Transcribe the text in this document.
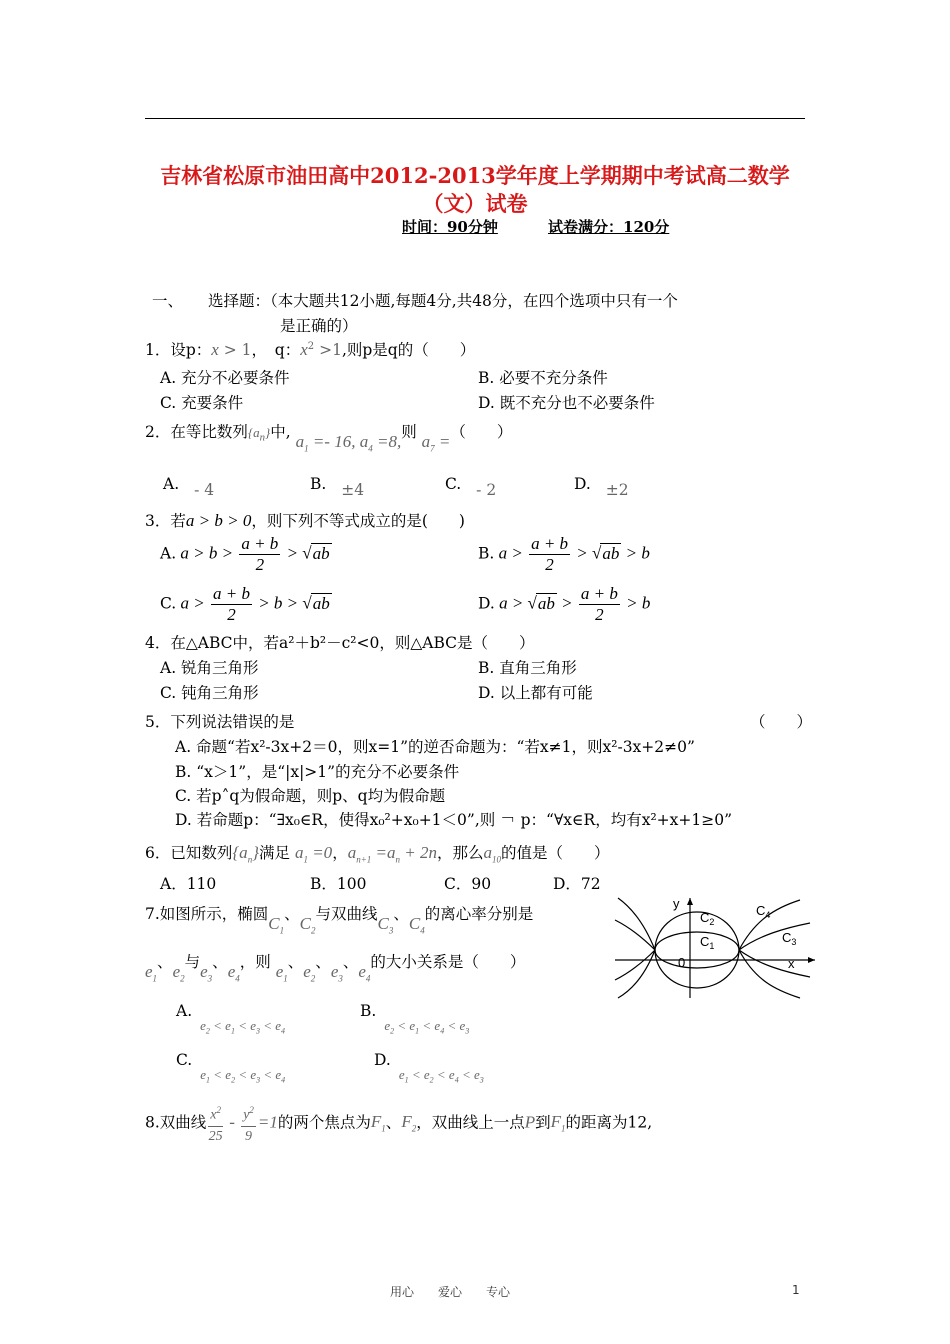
吉林省松原市油田高中2012-2013学年度上学期期中考试高二数学
（文）试卷
时间：90分钟	试卷满分：120分
一、 选择题：（本大题共12小题,每题4分,共48分，在四个选项中只有一个
是正确的）
1．设p：x > 1，　q：$x^2 >1$,则p是q的（　　）
A. 充分不必要条件	B. 必要不充分条件
C. 充要条件	D. 既不充分也不必要条件
2．在等比数列$\{a_n\}$中, $a_1 =- 16$, $a_4 =8$,则 $a_7$ =（　　）
A. - 4	B. ±4	C. - 2	D. ±2
3．若a > b > 0，则下列不等式成立的是(　　)
A. $a > b > \frac{a + b}{2} > √ab$	B. $a > \frac{a + b}{2} > √ab > b$
C. $a > \frac{a + b}{2} > b > √ab$	D. $a > √ab > \frac{a + b}{2} > b$
4．在△ABC中，若a²＋b²－c²<0，则△ABC是（　　）
A. 锐角三角形	B. 直角三角形
C. 钝角三角形	D. 以上都有可能
5．下列说法错误的是	（　　）
A. 命题“若x²-3x+2＝0，则x=1”的逆否命题为：“若x≠1，则x²-3x+2≠0”
B. “x＞1”，是“|x|>1”的充分不必要条件
C. 若p˄q为假命题，则p、q均为假命题
D. 若命题p：“∃x₀∈R，使得x₀²+x₀+1＜0”,则 ￢ p：“∀x∈R，均有x²+x+1≥0”
6．已知数列$\{a_n\}$满足 $a_1 =0$，$a_{n+1} =a_n + 2n$，那么$a_{10}$的值是（　　）
A．110	B．100	C．90	D．72
7.如图所示，椭圆$C_1$、$C_2$与双曲线$C_3$、$C_4$的离心率分别是
$e_1$、$e_2$与$e_3$、$e_4$，则 $e_1$、$e_2$、$e_3$、$e_4$的大小关系是（　　）
$A._{e_2 < e_1 < e_3 < e_4}$
$B._{e_2 < e_1 < e_4 < e_3}$
$C._{e_1 < e_2 < e_3 < e_4}$
$D._{e_1 < e_2 < e_4 < e_3}$
y
x
0
$C_2$
$C_1$
$C_4$
$C_3$
8.双曲线 $\frac{x^2}{25} - \frac{y^2}{9} =1$的两个焦点为$F_1$、$F_2$，双曲线上一点P到$F_1$的距离为12,
用心　　爱心　　专心	1
